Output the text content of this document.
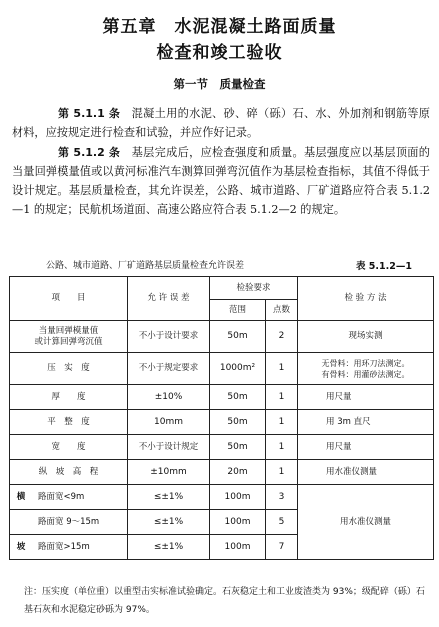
第五章　水泥混凝土路面质量
检查和竣工验收
第一节　质量检查
第 5.1.1 条　混凝土用的水泥、砂、碎（砾）石、水、外加剂和钢筋等原材料，应按规定进行检查和试验，并应作好记录。
第 5.1.2 条　基层完成后，应检查强度和质量。基层强度应以基层顶面的当量回弹模量值或以黄河标准汽车测算回弹弯沉值作为基层检查指标，其值不得低于设计规定。基层质量检查，其允许误差，公路、城市道路、厂矿道路应符合表 5.1.2—1 的规定；民航机场道面、高速公路应符合表 5.1.2—2 的规定。
公路、城市道路、厂矿道路基层质量检查允许误差	表 5.1.2—1
项　　目	允 许 误 差	检验要求		检 验 方 法
		范围	点数	
当量回弹模量值
或计算回弹弯沉值	不小于设计要求	50m	2	现场实测
压　实　度	不小于规定要求	1000m²	1	无骨料：用环刀法测定。
有骨料：用灌砂法测定。
厚　　度	±10%	50m	1	用尺量
平　整　度	10mm	50m	1	用 3m 直尺
宽　　度	不小于设计规定	50m	1	用尺量
纵　坡　高　程	±10mm	20m	1	用水准仪测量

横 路面宽<9m	≤±1%	100m	3	用水准仪测量
路面宽 9～15m	≤±1%	100m	5	

坡 路面宽>15m	≤±1%	100m	7	
注：压实度（单位重）以重型击实标准试验确定。石灰稳定土和工业废渣类为 93%；级配碎（砾）石基石灰和水泥稳定砂砾为 97%。
